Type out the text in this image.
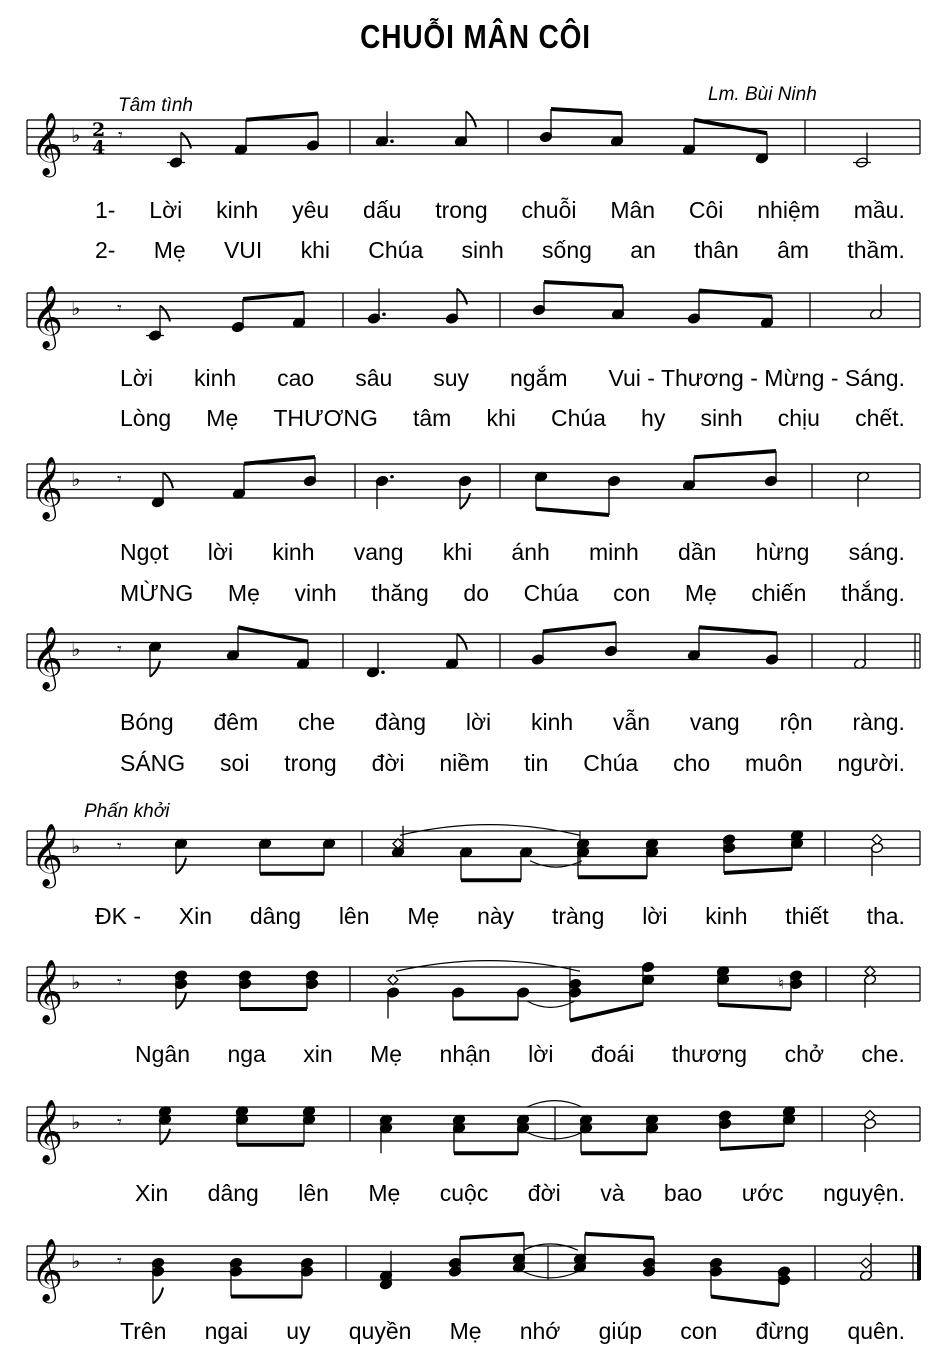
CHUỖI MÂN CÔI
Lm. Bùi Ninh
Tâm tình
Phấn khởi
𝄞 ♭ 𝄾
2
4
𝄞 ♭ 𝄾
𝄞 ♭ 𝄾
𝄞 ♭ 𝄾
𝄞 ♭ 𝄾
𝄞 ♭ 𝄾	♮
𝄞 ♭ 𝄾
𝄞 ♭ 𝄾
1- Lời kinh yêu dấu trong chuỗi Mân Côi nhiệm mầu.
2- Mẹ VUI khi Chúa sinh sống an thân âm thầm.
Lời kinh cao sâu suy ngắm Vui - Thương - Mừng - Sáng.
Lòng Mẹ THƯƠNG tâm khi Chúa hy sinh chịu chết.
Ngọt lời kinh vang khi ánh minh dần hừng sáng.
MỪNG Mẹ vinh thăng do Chúa con Mẹ chiến thắng.
Bóng đêm che đàng lời kinh vẫn vang rộn ràng.
SÁNG soi trong đời niềm tin Chúa cho muôn người.
ĐK - Xin dâng lên Mẹ này tràng lời kinh thiết tha.
Ngân nga xin Mẹ nhận lời đoái thương chở che.
Xin dâng lên Mẹ cuộc đời và bao ước nguyện.
Trên ngai uy quyền Mẹ nhớ giúp con đừng quên.
